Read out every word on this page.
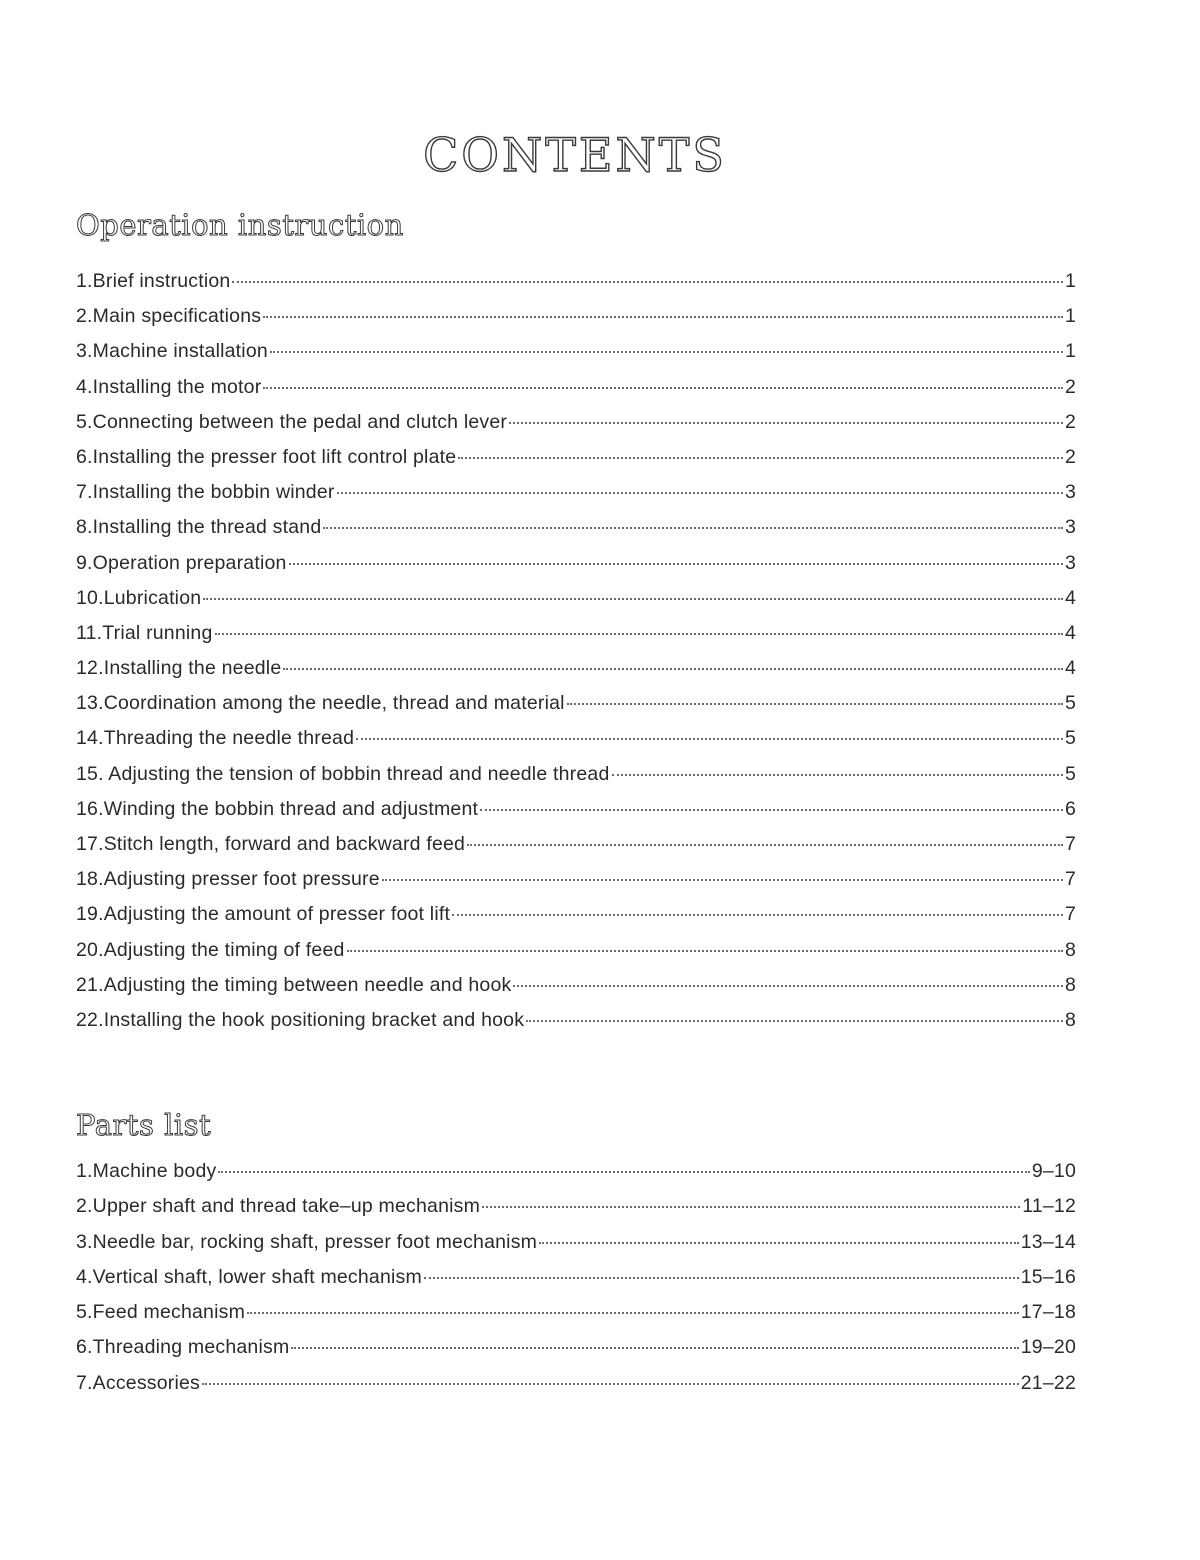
CONTENTS
Operation instruction
1.Brief instruction	1
2.Main specifications	1
3.Machine installation	1
4.Installing the motor	2
5.Connecting between the pedal and clutch lever	2
6.Installing the presser foot lift control plate	2
7.Installing the bobbin winder	3
8.Installing the thread stand	3
9.Operation preparation	3
10.Lubrication	4
11.Trial running	4
12.Installing the needle	4
13.Coordination among the needle, thread and material	5
14.Threading the needle thread	5
15. Adjusting the tension of bobbin thread and needle thread	5
16.Winding the bobbin thread and adjustment	6
17.Stitch length, forward and backward feed	7
18.Adjusting presser foot pressure	7
19.Adjusting the amount of presser foot lift	7
20.Adjusting the timing of feed	8
21.Adjusting the timing between needle and hook	8
22.Installing the hook positioning bracket and hook	8
Parts list
1.Machine body	9–10
2.Upper shaft and thread take–up mechanism	11–12
3.Needle bar, rocking shaft, presser foot mechanism	13–14
4.Vertical shaft, lower shaft mechanism	15–16
5.Feed mechanism	17–18
6.Threading mechanism	19–20
7.Accessories	21–22
